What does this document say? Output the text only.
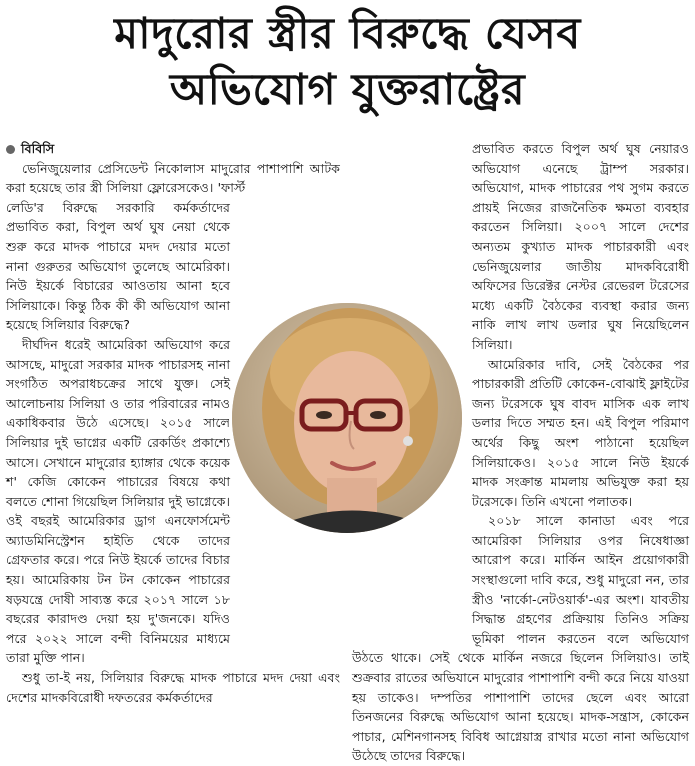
মাদুরোর স্ত্রীর বিরুদ্ধে যেসব
অভিযোগ যুক্তরাষ্ট্রের
বিবিসি

ভেনিজুয়েলার প্রেসিডেন্ট নিকোলাস মাদুরোর পাশাপাশি আটক করা হয়েছে তার স্ত্রী সিলিয়া ফ্লোরেসকেও। 'ফার্স্ট লেডি'র বিরুদ্ধে সরকারি কর্মকর্তাদের প্রভাবিত করা, বিপুল অর্থ ঘুষ নেয়া থেকে শুরু করে মাদক পাচারে মদদ দেয়ার মতো নানা গুরুতর অভিযোগ তুলেছে আমেরিকা। নিউ ইয়র্কে বিচারের আওতায় আনা হবে সিলিয়াকে। কিন্তু ঠিক কী কী অভিযোগ আনা হয়েছে সিলিয়ার বিরুদ্ধে?

দীর্ঘদিন ধরেই আমেরিকা অভিযোগ করে আসছে, মাদুরো সরকার মাদক পাচারসহ নানা সংগঠিত অপরাধচক্রের সাথে যুক্ত। সেই আলোচনায় সিলিয়া ও তার পরিবারের নামও একাধিকবার উঠে এসেছে। ২০১৫ সালে সিলিয়ার দুই ভাগ্নের একটি রেকর্ডিং প্রকাশ্যে আসে। সেখানে মাদুরোর হ্যাঙ্গার থেকে কয়েক শ' কেজি কোকেন পাচারের বিষয়ে কথা বলতে শোনা গিয়েছিল সিলিয়ার দুই ভাগ্নেকে। ওই বছরই আমেরিকার ড্রাগ এনফোর্সমেন্ট অ্যাডমিনিস্ট্রেশন হাইতি থেকে তাদের গ্রেফতার করে। পরে নিউ ইয়র্কে তাদের বিচার হয়। আমেরিকায় টন টন কোকেন পাচারের ষড়যন্ত্রে দোষী সাব্যস্ত করে ২০১৭ সালে ১৮ বছরের কারাদণ্ড দেয়া হয় দু'জনকে। যদিও পরে ২০২২ সালে বন্দী বিনিময়ের মাধ্যমে তারা মুক্তি পান।

শুধু তা-ই নয়, সিলিয়ার বিরুদ্ধে মাদক পাচারে মদদ দেয়া এবং দেশের মাদকবিরোধী দফতরের কর্মকর্তাদের

প্রভাবিত করতে বিপুল অর্থ ঘুষ নেয়ারও অভিযোগ এনেছে ট্রাম্প সরকার। অভিযোগ, মাদক পাচারের পথ সুগম করতে প্রায়ই নিজের রাজনৈতিক ক্ষমতা ব্যবহার করতেন সিলিয়া। ২০০৭ সালে দেশের অন্যতম কুখ্যাত মাদক পাচারকারী এবং ভেনিজুয়েলার জাতীয় মাদকবিরোধী অফিসের ডিরেক্টর নেস্টর রেভেরল টরেসের মধ্যে একটি বৈঠকের ব্যবস্থা করার জন্য নাকি লাখ লাখ ডলার ঘুষ নিয়েছিলেন সিলিয়া।

আমেরিকার দাবি, সেই বৈঠকের পর পাচারকারী প্রতিটি কোকেন-বোঝাই ফ্লাইটের জন্য টরেসকে ঘুষ বাবদ মাসিক এক লাখ ডলার দিতে সম্মত হন। এই বিপুল পরিমাণ অর্থের কিছু অংশ পাঠানো হয়েছিল সিলিয়াকেও। ২০১৫ সালে নিউ ইয়র্কে মাদক সংক্রান্ত মামলায় অভিযুক্ত করা হয় টরেসকে। তিনি এখনো পলাতক।

২০১৮ সালে কানাডা এবং পরে আমেরিকা সিলিয়ার ওপর নিষেধাজ্ঞা আরোপ করে। মার্কিন আইন প্রয়োগকারী সংস্থাগুলো দাবি করে, শুধু মাদুরো নন, তার স্ত্রীও 'নার্কো-নেটওয়ার্ক'-এর অংশ। যাবতীয় সিদ্ধান্ত গ্রহণের প্রক্রিয়ায় তিনিও সক্রিয় ভূমিকা পালন করতেন বলে অভিযোগ উঠতে থাকে। সেই থেকে মার্কিন নজরে ছিলেন সিলিয়াও। তাই শুক্রবার রাতের অভিযানে মাদুরোর পাশাপাশি বন্দী করে নিয়ে যাওয়া হয় তাকেও। দম্পতির পাশাপাশি তাদের ছেলে এবং আরো তিনজনের বিরুদ্ধে অভিযোগ আনা হয়েছে। মাদক-সন্ত্রাস, কোকেন পাচার, মেশিনগানসহ বিবিধ আগ্নেয়াস্ত্র রাখার মতো নানা অভিযোগ উঠেছে তাদের বিরুদ্ধে।
